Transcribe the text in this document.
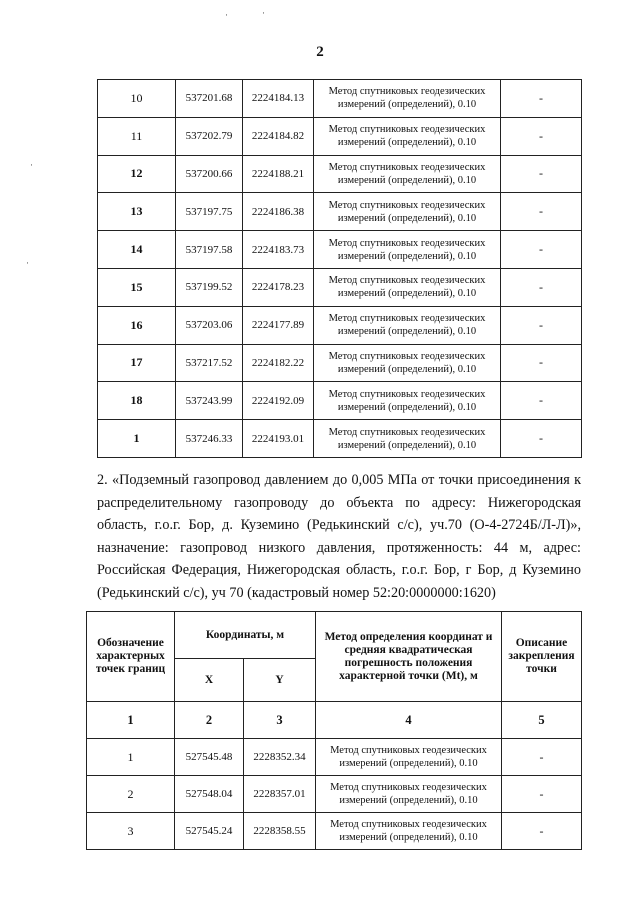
2
10	537201.68	2224184.13	Метод спутниковых геодезических измерений (определений), 0.10	-
11	537202.79	2224184.82	Метод спутниковых геодезических измерений (определений), 0.10	-
12	537200.66	2224188.21	Метод спутниковых геодезических измерений (определений), 0.10	-
13	537197.75	2224186.38	Метод спутниковых геодезических измерений (определений), 0.10	-
14	537197.58	2224183.73	Метод спутниковых геодезических измерений (определений), 0.10	-
15	537199.52	2224178.23	Метод спутниковых геодезических измерений (определений), 0.10	-
16	537203.06	2224177.89	Метод спутниковых геодезических измерений (определений), 0.10	-
17	537217.52	2224182.22	Метод спутниковых геодезических измерений (определений), 0.10	-
18	537243.99	2224192.09	Метод спутниковых геодезических измерений (определений), 0.10	-
1	537246.33	2224193.01	Метод спутниковых геодезических измерений (определений), 0.10	-
2. «Подземный газопровод давлением до 0,005 МПа от точки присоединения к распределительному газопроводу до объекта по адресу: Нижегородская область, г.о.г. Бор, д. Куземино (Редькинский с/с), уч.70 (О-4-2724Б/Л-Л)», назначение: газопровод низкого давления, протяженность: 44 м, адрес: Российская Федерация, Нижегородская область, г.о.г. Бор, г Бор, д Куземино (Редькинский с/с), уч 70 (кадастровый номер 52:20:0000000:1620)
Обозначение характерных точек границ	Координаты, м		Метод определения координат и средняя квадратическая погрешность положения характерной точки (Mt), м	Описание закрепления точки
	X	Y		
1	2	3	4	5
1	527545.48	2228352.34	Метод спутниковых геодезических измерений (определений), 0.10	-
2	527548.04	2228357.01	Метод спутниковых геодезических измерений (определений), 0.10	-
3	527545.24	2228358.55	Метод спутниковых геодезических измерений (определений), 0.10	-
·	·
·
·
